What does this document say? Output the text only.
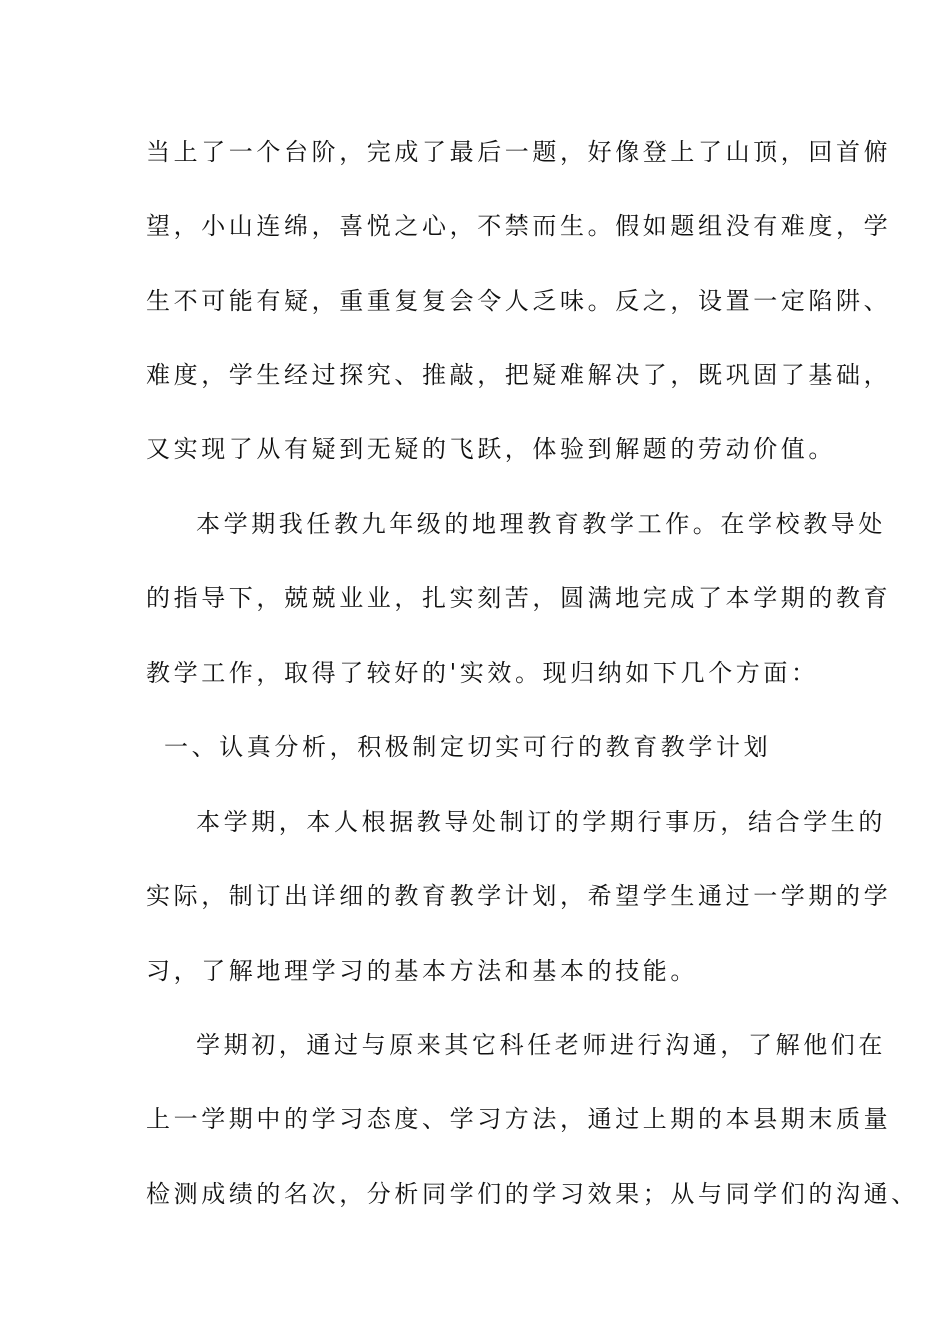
当上了一个台阶，完成了最后一题，好像登上了山顶，回首俯
望，小山连绵，喜悦之心，不禁而生。假如题组没有难度，学
生不可能有疑，重重复复会令人乏味。反之，设置一定陷阱、
难度，学生经过探究、推敲，把疑难解决了，既巩固了基础，
又实现了从有疑到无疑的飞跃，体验到解题的劳动价值。
本学期我任教九年级的地理教育教学工作。在学校教导处
的指导下，兢兢业业，扎实刻苦，圆满地完成了本学期的教育
教学工作，取得了较好的'实效。现归纳如下几个方面：
一、认真分析，积极制定切实可行的教育教学计划
本学期，本人根据教导处制订的学期行事历，结合学生的
实际，制订出详细的教育教学计划，希望学生通过一学期的学
习，了解地理学习的基本方法和基本的技能。
学期初，通过与原来其它科任老师进行沟通，了解他们在
上一学期中的学习态度、学习方法，通过上期的本县期末质量
检测成绩的名次，分析同学们的学习效果；从与同学们的沟通、
